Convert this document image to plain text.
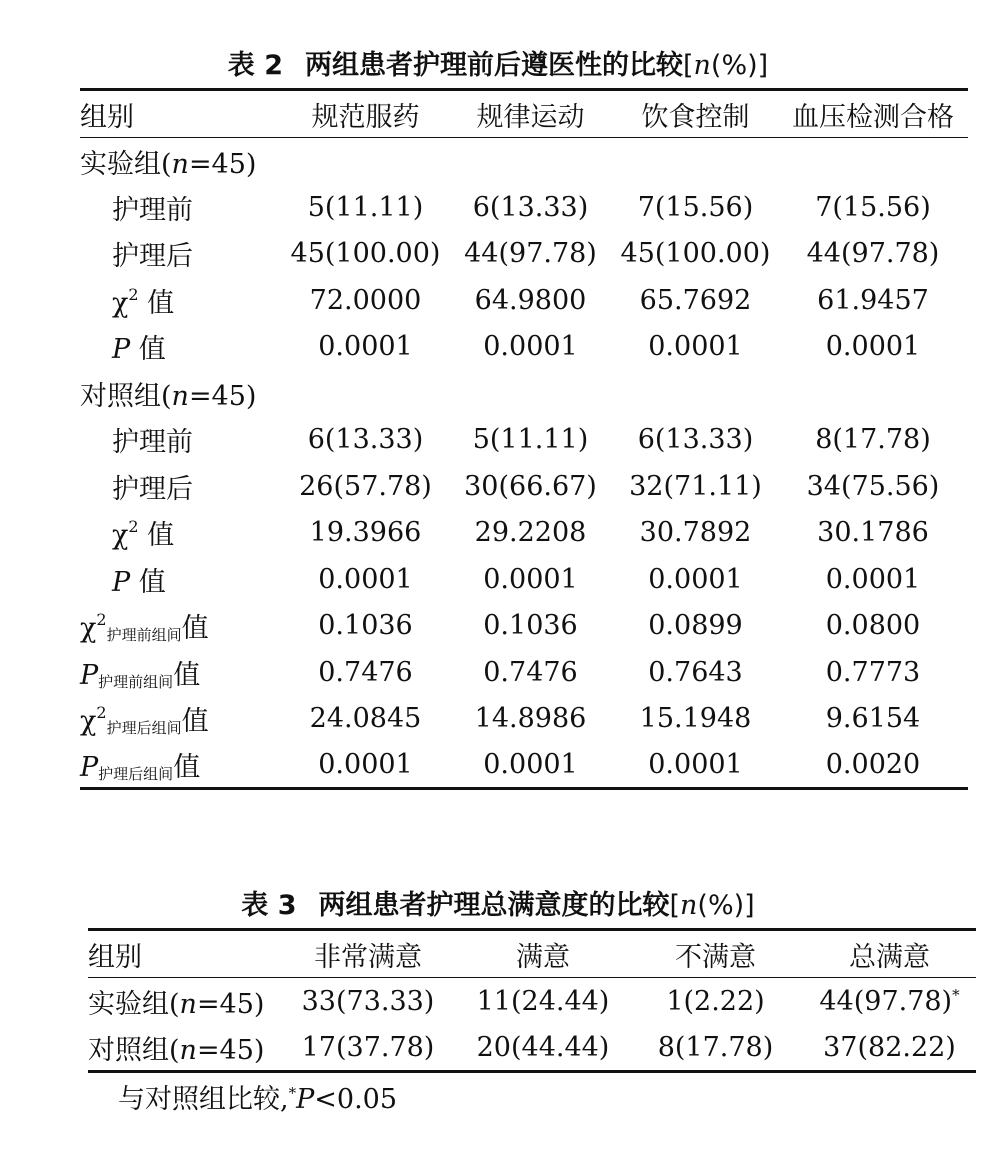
表 2 两组患者护理前后遵医性的比较[n(%)]
组别	规范服药	规律运动	饮食控制	血压检测合格
实验组(n=45)				
护理前	5(11.11)	6(13.33)	7(15.56)	7(15.56)
护理后	45(100.00)	44(97.78)	45(100.00)	44(97.78)
$\chi^2$ 值	72.0000	64.9800	65.7692	61.9457
P 值	0.0001	0.0001	0.0001	0.0001
对照组(n=45)				
护理前	6(13.33)	5(11.11)	6(13.33)	8(17.78)
护理后	26(57.78)	30(66.67)	32(71.11)	34(75.56)
$\chi^2$ 值	19.3966	29.2208	30.7892	30.1786
P 值	0.0001	0.0001	0.0001	0.0001
$\chi^2_{护理前组间}$值	0.1036	0.1036	0.0899	0.0800
$P_{护理前组间}$值	0.7476	0.7476	0.7643	0.7773
$\chi^2_{护理后组间}$值	24.0845	14.8986	15.1948	9.6154
$P_{护理后组间}$值	0.0001	0.0001	0.0001	0.0020
表 3 两组患者护理总满意度的比较[n(%)]
组别	非常满意	满意	不满意	总满意
实验组(n=45)	33(73.33)	11(24.44)	1(2.22)	44(97.78)*
对照组(n=45)	17(37.78)	20(44.44)	8(17.78)	37(82.22)
与对照组比较,*P<0.05
